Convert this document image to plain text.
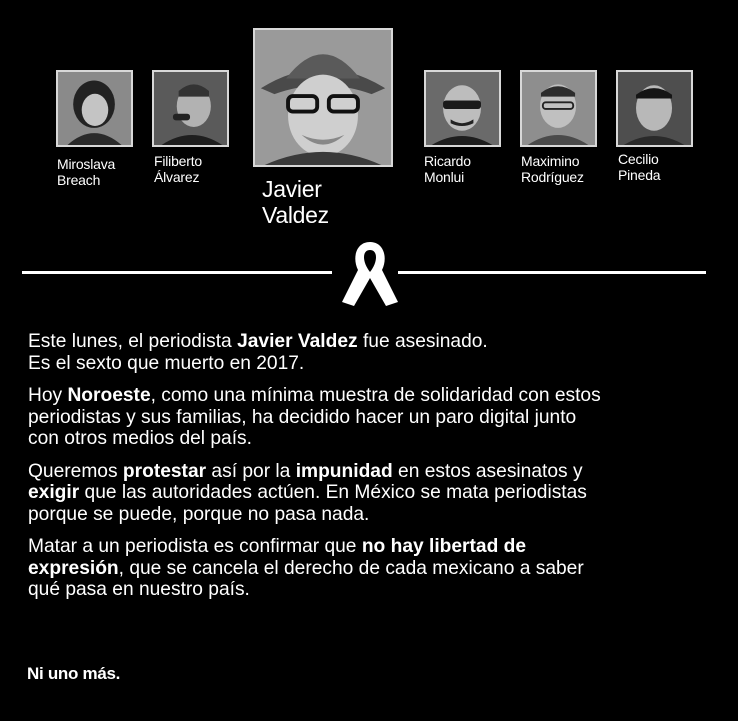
Miroslava
Breach
Filiberto
Álvarez	Javier
Valdez
Ricardo
Monlui
Maximino
Rodríguez
Cecilio
Pineda

Este lunes, el periodista Javier Valdez fue asesinado.
Es el sexto que muerto en 2017.

Hoy Noroeste, como una mínima muestra de solidaridad con estos
periodistas y sus familias, ha decidido hacer un paro digital junto
con otros medios del país.

Queremos protestar así por la impunidad en estos asesinatos y
exigir que las autoridades actúen. En México se mata periodistas
porque se puede, porque no pasa nada.

Matar a un periodista es confirmar que no hay libertad de
expresión, que se cancela el derecho de cada mexicano a saber
qué pasa en nuestro país.

Ni uno más.
